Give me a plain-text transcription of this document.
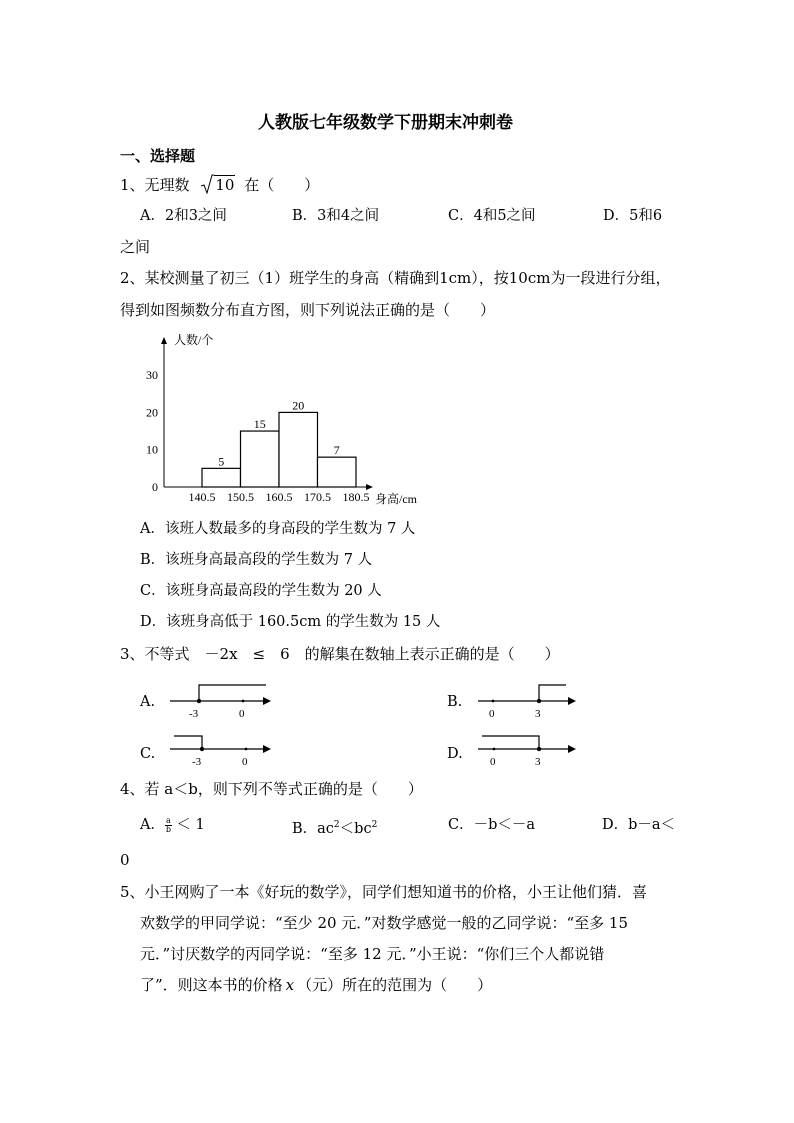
人教版七年级数学下册期末冲刺卷
一、选择题
1、无理数 10 在（　　）
A．2和3之间	B．3和4之间	C．4和5之间	D．5和6
之间
2、某校测量了初三（1）班学生的身高（精确到1cm），按10cm为一段进行分组，
得到如图频数分布直方图，则下列说法正确的是（　　）
人数/个
身高/cm
0
10
20
30
140.5 150.5 160.5 170.5 180.5
5
15
20
7
A．该班人数最多的身高段的学生数为 7 人
B．该班身高最高段的学生数为 7 人
C．该班身高最高段的学生数为 20 人
D．该班身高低于 160.5cm 的学生数为 15 人
3、不等式　－2x　≤　6　的解集在数轴上表示正确的是（　　）
A.
-3	0
B.
0	3
C.	-3	0	D. 0	3
4、若 a＜b，则下列不等式正确的是（　　）
A． $\frac{a}{b} < 1$	B．$ac^2<bc^2$	C．－b＜－a	D．b－a＜
0
5、小王网购了一本《好玩的数学》，同学们想知道书的价格，小王让他们猜．喜
欢数学的甲同学说：“至少 20 元．”对数学感觉一般的乙同学说：“至多 15
元．”讨厌数学的丙同学说：“至多 12 元．”小王说：“你们三个人都说错
了”．则这本书的价格 x （元）所在的范围为（　　）
